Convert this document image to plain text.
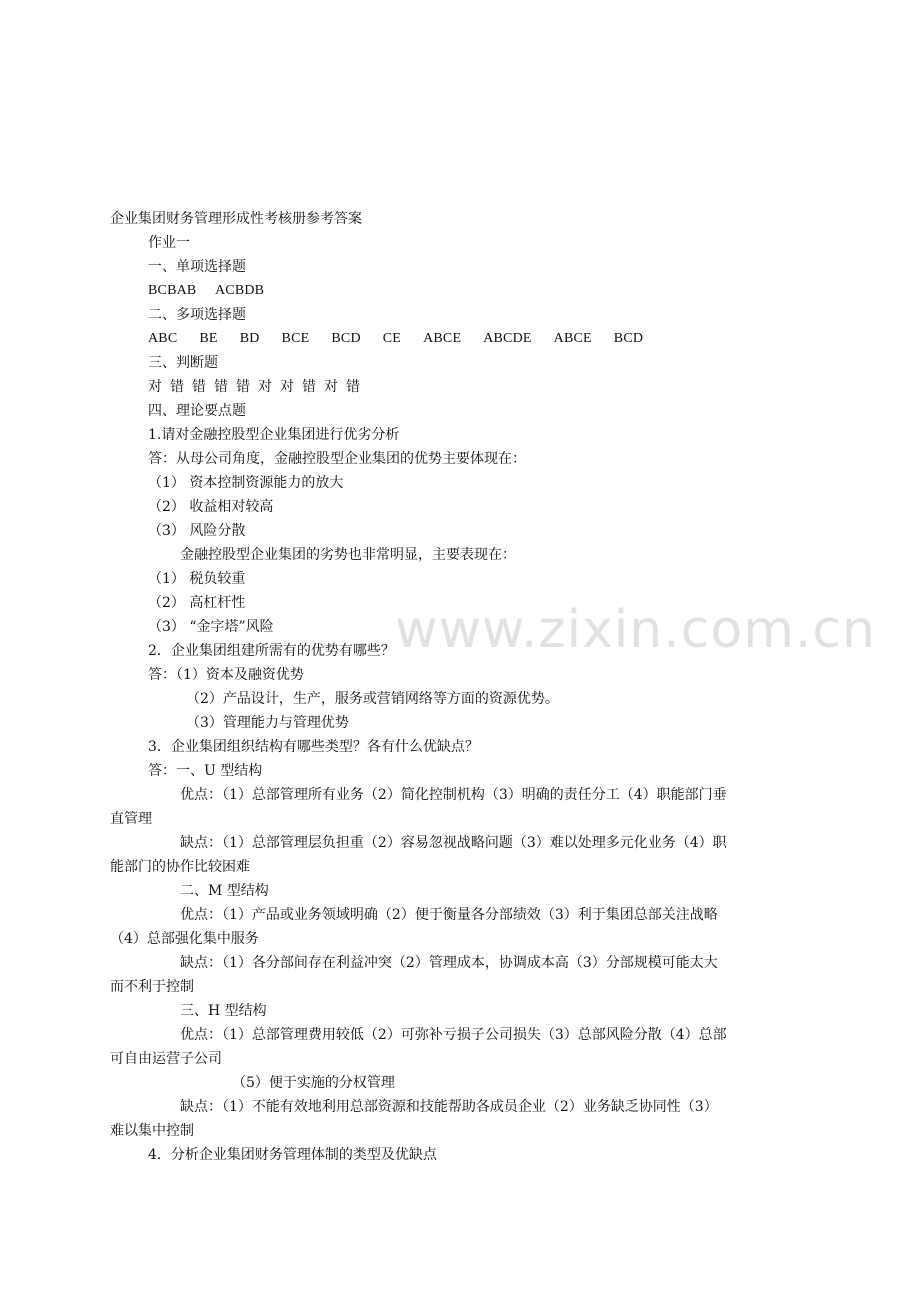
企业集团财务管理形成性考核册参考答案
作业一
一、单项选择题
BCBAB ACBDB
二、多项选择题
ABC BE BD BCE BCD CE ABCE ABCDE ABCE BCD
三、判断题
对 错 错 错 错 对 对 错 对 错
四、理论要点题
1.请对金融控股型企业集团进行优劣分析
答：从母公司角度，金融控股型企业集团的优势主要体现在：
（1） 资本控制资源能力的放大
（2） 收益相对较高
（3） 风险分散
金融控股型企业集团的劣势也非常明显，主要表现在：
（1） 税负较重
（2） 高杠杆性
（3） “金字塔”风险
2．企业集团组建所需有的优势有哪些？
答：（1）资本及融资优势
（2）产品设计，生产，服务或营销网络等方面的资源优势。
（3）管理能力与管理优势
3．企业集团组织结构有哪些类型？各有什么优缺点？
答：一、U 型结构
优点：（1）总部管理所有业务（2）简化控制机构（3）明确的责任分工（4）职能部门垂
直管理
缺点：（1）总部管理层负担重（2）容易忽视战略问题（3）难以处理多元化业务（4）职
能部门的协作比较困难
二、M 型结构
优点：（1）产品或业务领域明确（2）便于衡量各分部绩效（3）利于集团总部关注战略
（4）总部强化集中服务
缺点：（1）各分部间存在利益冲突（2）管理成本，协调成本高（3）分部规模可能太大
而不利于控制
三、H 型结构
优点：（1）总部管理费用较低（2）可弥补亏损子公司损失（3）总部风险分散（4）总部
可自由运营子公司
（5）便于实施的分权管理
缺点：（1）不能有效地利用总部资源和技能帮助各成员企业（2）业务缺乏协同性（3）
难以集中控制
4．分析企业集团财务管理体制的类型及优缺点
www.zixin.com.cn
